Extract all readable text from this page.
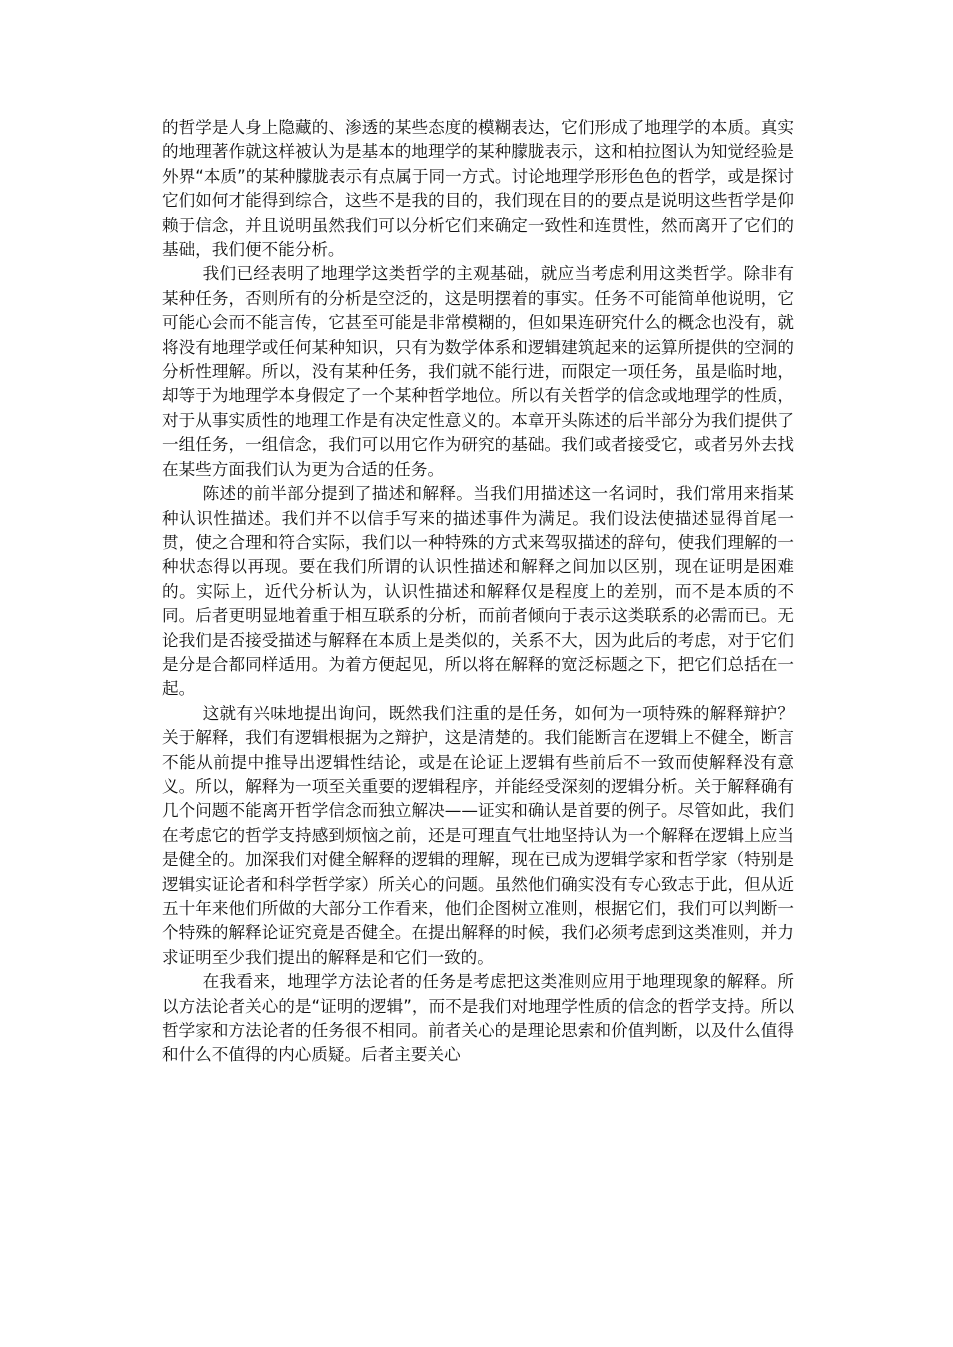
的哲学是人身上隐藏的、渗透的某些态度的模糊表达，它们形成了地理学的本质。真实的地理著作就这样被认为是基本的地理学的某种朦胧表示，这和柏拉图认为知觉经验是外界“本质”的某种朦胧表示有点属于同一方式。讨论地理学形形色色的哲学，或是探讨它们如何才能得到综合，这些不是我的目的，我们现在目的的要点是说明这些哲学是仰赖于信念，并且说明虽然我们可以分析它们来确定一致性和连贯性，然而离开了它们的基础，我们便不能分析。

我们已经表明了地理学这类哲学的主观基础，就应当考虑利用这类哲学。除非有某种任务，否则所有的分析是空泛的，这是明摆着的事实。任务不可能简单他说明，它可能心会而不能言传，它甚至可能是非常模糊的，但如果连研究什么的概念也没有，就将没有地理学或任何某种知识，只有为数学体系和逻辑建筑起来的运算所提供的空洞的分析性理解。所以，没有某种任务，我们就不能行进，而限定一项任务，虽是临时地，却等于为地理学本身假定了一个某种哲学地位。所以有关哲学的信念或地理学的性质，对于从事实质性的地理工作是有决定性意义的。本章开头陈述的后半部分为我们提供了一组任务，一组信念，我们可以用它作为研究的基础。我们或者接受它，或者另外去找在某些方面我们认为更为合适的任务。

陈述的前半部分提到了描述和解释。当我们用描述这一名词时，我们常用来指某种认识性描述。我们并不以信手写来的描述事件为满足。我们设法使描述显得首尾一贯，使之合理和符合实际，我们以一种特殊的方式来驾驭描述的辞句，使我们理解的一种状态得以再现。要在我们所谓的认识性描述和解释之间加以区别，现在证明是困难的。实际上，近代分析认为，认识性描述和解释仅是程度上的差别，而不是本质的不同。后者更明显地着重于相互联系的分析，而前者倾向于表示这类联系的必需而已。无论我们是否接受描述与解释在本质上是类似的，关系不大，因为此后的考虑，对于它们是分是合都同样适用。为着方便起见，所以将在解释的宽泛标题之下，把它们总括在一起。

这就有兴味地提出询问，既然我们注重的是任务，如何为一项特殊的解释辩护？关于解释，我们有逻辑根据为之辩护，这是清楚的。我们能断言在逻辑上不健全，断言不能从前提中推导出逻辑性结论，或是在论证上逻辑有些前后不一致而使解释没有意义。所以，解释为一项至关重要的逻辑程序，并能经受深刻的逻辑分析。关于解释确有几个问题不能离开哲学信念而独立解决——证实和确认是首要的例子。尽管如此，我们在考虑它的哲学支持感到烦恼之前，还是可理直气壮地坚持认为一个解释在逻辑上应当是健全的。加深我们对健全解释的逻辑的理解，现在已成为逻辑学家和哲学家（特别是逻辑实证论者和科学哲学家）所关心的问题。虽然他们确实没有专心致志于此，但从近五十年来他们所做的大部分工作看来，他们企图树立准则，根据它们，我们可以判断一个特殊的解释论证究竟是否健全。在提出解释的时候，我们必须考虑到这类准则，并力求证明至少我们提出的解释是和它们一致的。

在我看来，地理学方法论者的任务是考虑把这类准则应用于地理现象的解释。所以方法论者关心的是“证明的逻辑”，而不是我们对地理学性质的信念的哲学支持。所以哲学家和方法论者的任务很不相同。前者关心的是理论思索和价值判断，以及什么值得和什么不值得的内心质疑。后者主要关心
